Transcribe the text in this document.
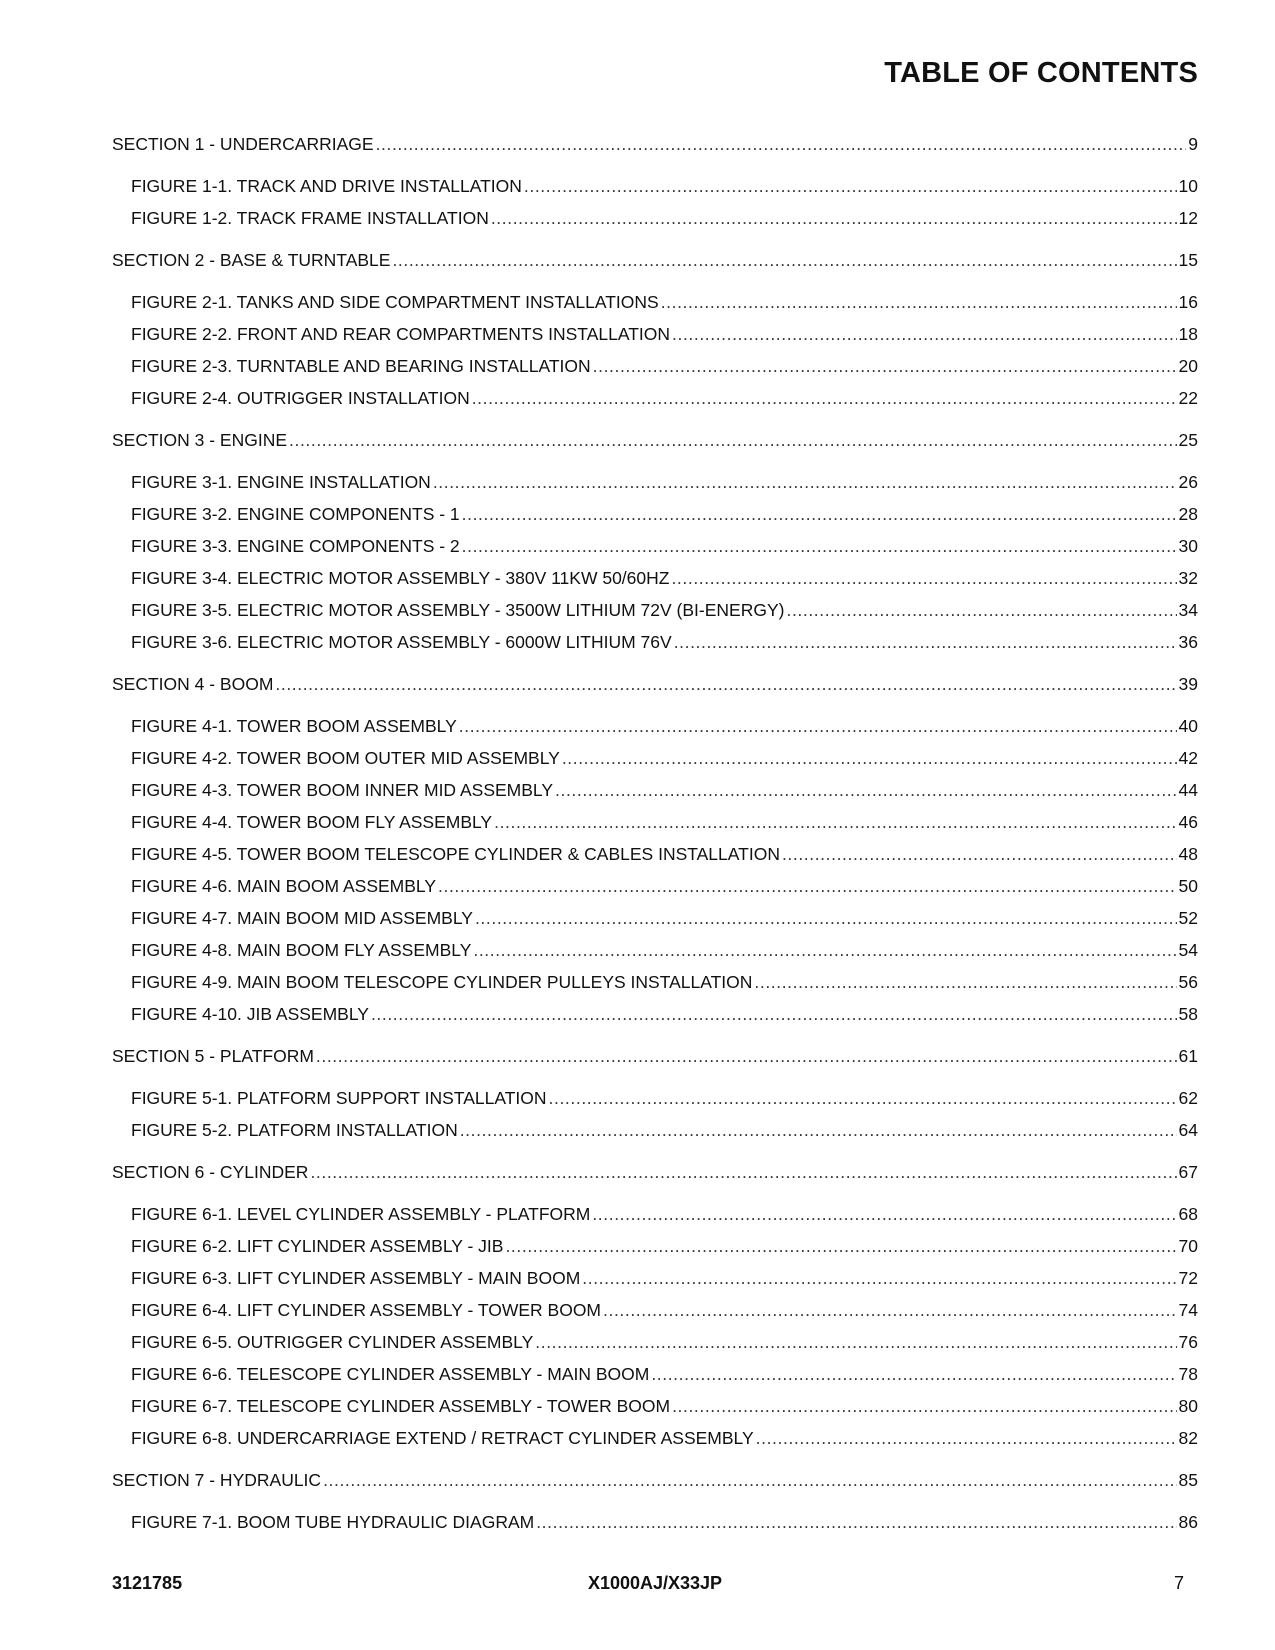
TABLE OF CONTENTS
SECTION 1 - UNDERCARRIAGE .....	9
FIGURE 1-1. TRACK AND DRIVE INSTALLATION .....	10
FIGURE 1-2. TRACK FRAME INSTALLATION .....	12
SECTION 2 - BASE & TURNTABLE .....	15
FIGURE 2-1. TANKS AND SIDE COMPARTMENT INSTALLATIONS .....	16
FIGURE 2-2. FRONT AND REAR COMPARTMENTS INSTALLATION .....	18
FIGURE 2-3. TURNTABLE AND BEARING INSTALLATION .....	20
FIGURE 2-4. OUTRIGGER INSTALLATION .....	22
SECTION 3 - ENGINE .....	25
FIGURE 3-1. ENGINE INSTALLATION .....	26
FIGURE 3-2. ENGINE COMPONENTS - 1 .....	28
FIGURE 3-3. ENGINE COMPONENTS - 2 .....	30
FIGURE 3-4. ELECTRIC MOTOR ASSEMBLY - 380V 11KW 50/60HZ .....	32
FIGURE 3-5. ELECTRIC MOTOR ASSEMBLY - 3500W LITHIUM 72V (BI-ENERGY) .....	34
FIGURE 3-6. ELECTRIC MOTOR ASSEMBLY - 6000W LITHIUM 76V .....	36
SECTION 4 - BOOM .....	39
FIGURE 4-1. TOWER BOOM ASSEMBLY .....	40
FIGURE 4-2. TOWER BOOM OUTER MID ASSEMBLY .....	42
FIGURE 4-3. TOWER BOOM INNER MID ASSEMBLY .....	44
FIGURE 4-4. TOWER BOOM FLY ASSEMBLY .....	46
FIGURE 4-5. TOWER BOOM TELESCOPE CYLINDER & CABLES INSTALLATION .....	48
FIGURE 4-6. MAIN BOOM ASSEMBLY .....	50
FIGURE 4-7. MAIN BOOM MID ASSEMBLY .....	52
FIGURE 4-8. MAIN BOOM FLY ASSEMBLY .....	54
FIGURE 4-9. MAIN BOOM TELESCOPE CYLINDER PULLEYS INSTALLATION .....	56
FIGURE 4-10. JIB ASSEMBLY .....	58
SECTION 5 - PLATFORM .....	61
FIGURE 5-1. PLATFORM SUPPORT INSTALLATION .....	62
FIGURE 5-2. PLATFORM INSTALLATION .....	64
SECTION 6 - CYLINDER .....	67
FIGURE 6-1. LEVEL CYLINDER ASSEMBLY - PLATFORM .....	68
FIGURE 6-2. LIFT CYLINDER ASSEMBLY - JIB .....	70
FIGURE 6-3. LIFT CYLINDER ASSEMBLY - MAIN BOOM .....	72
FIGURE 6-4. LIFT CYLINDER ASSEMBLY - TOWER BOOM .....	74
FIGURE 6-5. OUTRIGGER CYLINDER ASSEMBLY .....	76
FIGURE 6-6. TELESCOPE CYLINDER ASSEMBLY - MAIN BOOM .....	78
FIGURE 6-7. TELESCOPE CYLINDER ASSEMBLY - TOWER BOOM .....	80
FIGURE 6-8. UNDERCARRIAGE EXTEND / RETRACT CYLINDER ASSEMBLY .....	82
SECTION 7 - HYDRAULIC .....	85
FIGURE 7-1. BOOM TUBE HYDRAULIC DIAGRAM .....	86
3121785	X1000AJ/X33JP	7
